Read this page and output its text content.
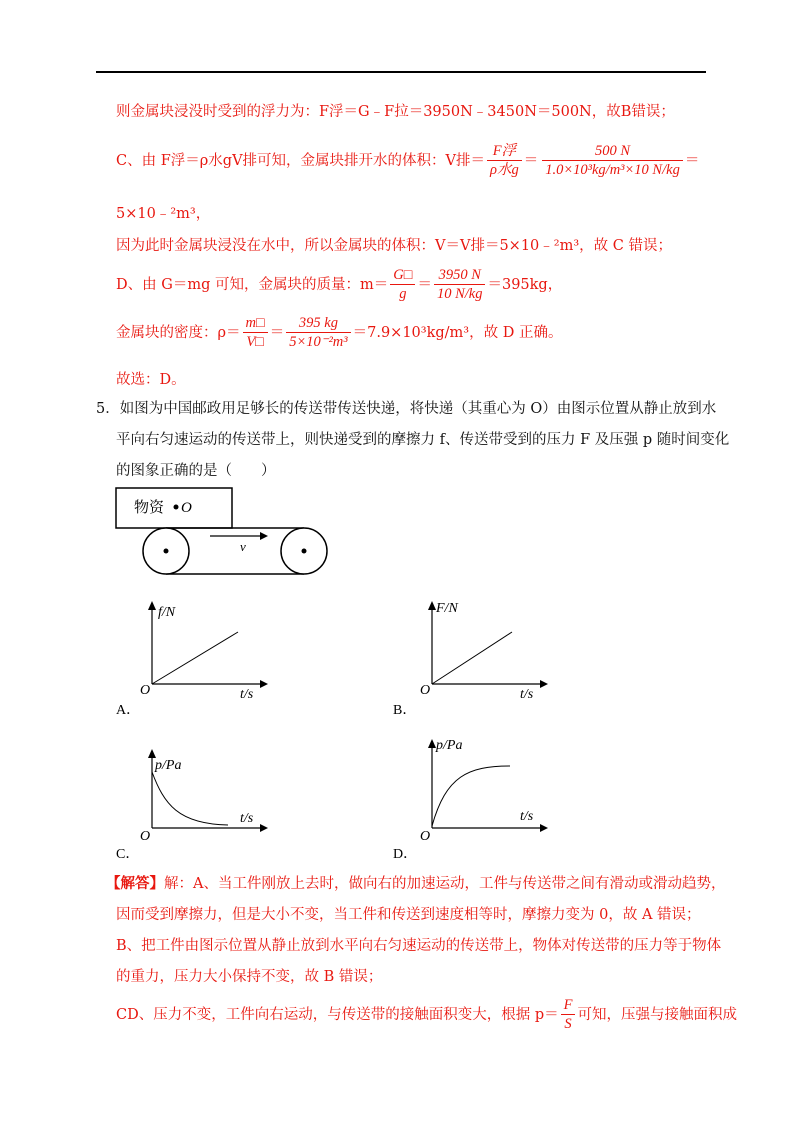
则金属块浸没时受到的浮力为：F浮＝G﹣F拉＝3950N﹣3450N＝500N，故B错误；
C、由 F浮＝ρ水gV排可知，金属块排开水的体积：V排＝ $\frac{\text{F浮}}{\text{ρ水g}} = \frac{500 N}{\text{1.0×10³kg/m³×10 N/kg}}$ ＝
5×10﹣²m³，
因为此时金属块浸没在水中，所以金属块的体积：V＝V排＝5×10﹣²m³，故 C 错误；
D、由 G＝mg 可知，金属块的质量：$m= \frac{G□}{g} = \frac{3950 N}{10 N/kg} =395kg$，
金属块的密度：$\rho= \frac{m□}{V□} = \frac{395 kg}{\text{5×10⁻²m³}} =7.9\times 10^3kg/m^3$，故 D 正确。
故选：D。
5．如图为中国邮政用足够长的传送带传送快递，将快递（其重心为 O）由图示位置从静止放到水
平向右匀速运动的传送带上，则快递受到的摩擦力 f、传送带受到的压力 F 及压强 p 随时间变化
的图象正确的是（　　）
物资 O
v
f/N
t/s
O
A．
F/N
t/s
O
B．
p/Pa
t/s
O
C．
p/Pa
t/s
O
D．
【解答】解：A、当工件刚放上去时，做向右的加速运动，工件与传送带之间有滑动或滑动趋势，
因而受到摩擦力，但是大小不变，当工件和传送到速度相等时，摩擦力变为 0，故 A 错误；
B、把工件由图示位置从静止放到水平向右匀速运动的传送带上，物体对传送带的压力等于物体
的重力，压力大小保持不变，故 B 错误；
CD、压力不变，工件向右运动，与传送带的接触面积变大，根据 $p= \frac{F}{S}$ 可知，压强与接触面积成
